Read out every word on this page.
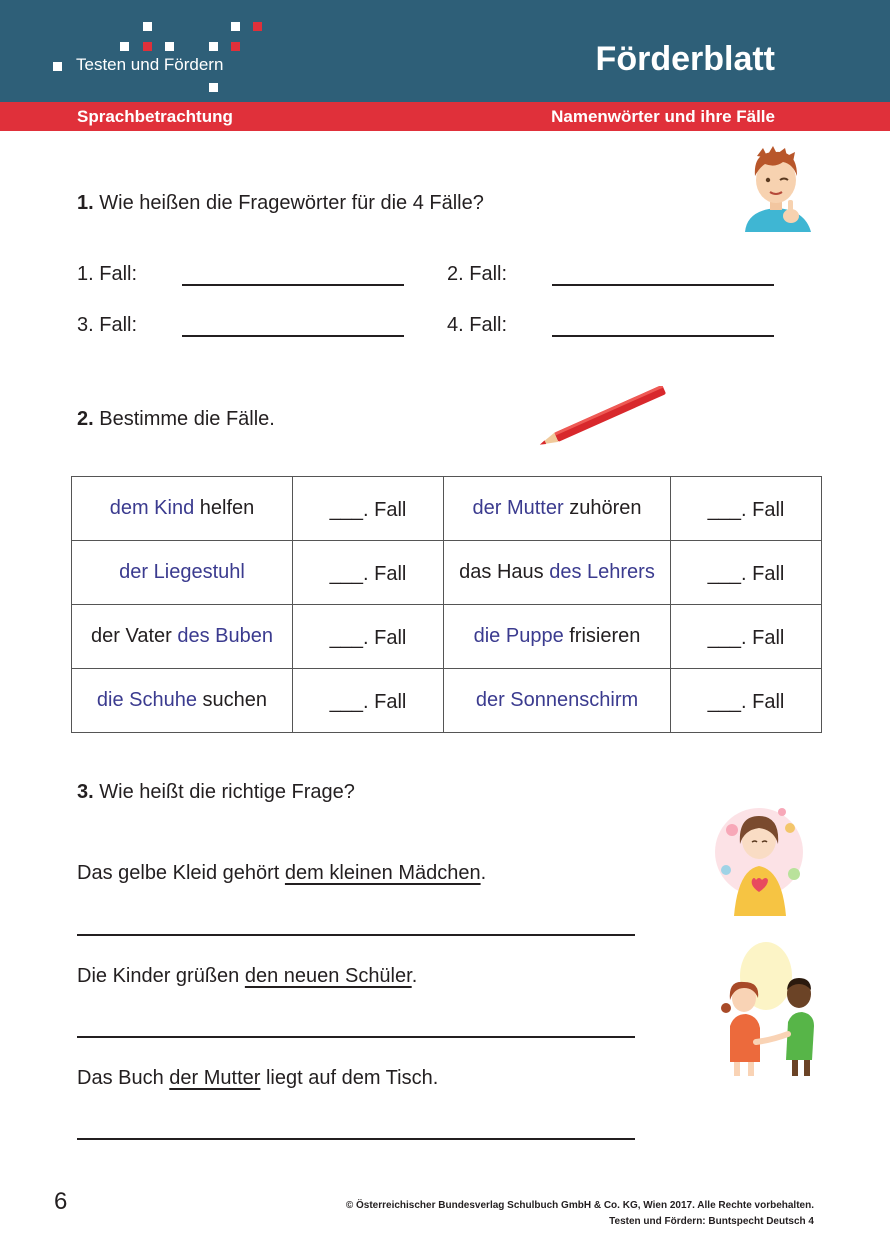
Testen und Fördern	Förderblatt
Sprachbetrachtung	Namenwörter und ihre Fälle
1. Wie heißen die Fragewörter für die 4 Fälle?
1. Fall:	2. Fall:
3. Fall:	4. Fall:
2. Bestimme die Fälle.
dem Kind helfen	___. Fall	der Mutter zuhören	___. Fall
der Liegestuhl	___. Fall	das Haus des Lehrers	___. Fall
der Vater des Buben	___. Fall	die Puppe frisieren	___. Fall
die Schuhe suchen	___. Fall	der Sonnenschirm	___. Fall
3. Wie heißt die richtige Frage?
Das gelbe Kleid gehört dem kleinen Mädchen.
Die Kinder grüßen den neuen Schüler.
Das Buch der Mutter liegt auf dem Tisch.
6	© Österreichischer Bundesverlag Schulbuch GmbH & Co. KG, Wien 2017. Alle Rechte vorbehalten.
Testen und Fördern: Buntspecht Deutsch 4
